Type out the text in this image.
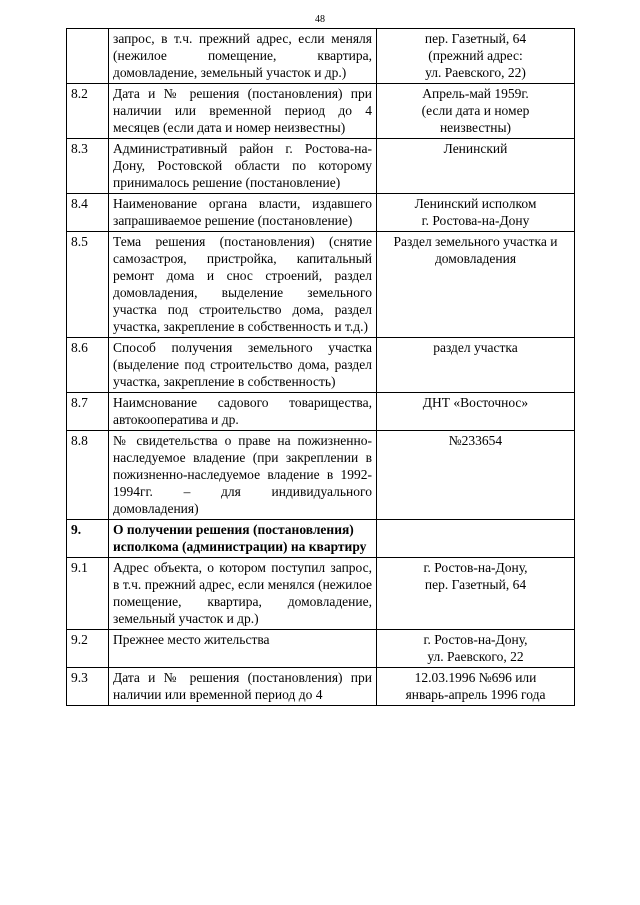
48
	запрос, в т.ч. прежний адрес, если меняля (нежилое помещение, квартира, домовладение, земельный участок и др.)	пер. Газетный, 64
(прежний адрес:
ул. Раевского, 22)

8.2	Дата и № решения (постановления) при наличии или временной период до 4 месяцев (если дата и номер неизвестны)	Апрель-май 1959г.
(если дата и номер
неизвестны)

8.3	Административный район г. Ростова-на-Дону, Ростовской области по которому принималось решение (постановление)	Ленинский

8.4	Наименование органа власти, издавшего запрашиваемое решение (постановление)	Ленинский исполком
г. Ростова-на-Дону

8.5	Тема решения (постановления) (снятие самозастроя, пристройка, капитальный ремонт дома и снос строений, раздел домовладения, выделение земельного участка под строительство дома, раздел участка, закрепление в собственность и т.д.)	Раздел земельного участка и
домовладения

8.6	Способ получения земельного участка (выделение под строительство дома, раздел участка, закрепление в собственность)	раздел участка

8.7	Наимснование садового товарищества, автокооператива и др.	ДНТ «Восточнос»

8.8	№ свидетельства о праве на пожизненно-наследуемое владение (при закреплении в пожизненно-наследуемое владение в 1992-1994гг. – для индивидуального домовладения)	№233654

9.	О получении решения (постановления) исполкома (администрации) на квартиру	
9.1	Адрес объекта, о котором поступил запрос, в т.ч. прежний адрес, если менялся (нежилое помещение, квартира, домовладение, земельный участок и др.)	г. Ростов-на-Дону,
пер. Газетный, 64

9.2	Прежнее место жительства	г. Ростов-на-Дону,
ул. Раевского, 22

9.3	Дата и № решения (постановления) при наличии или временной период до 4	12.03.1996 №696 или
январь-апрель 1996 года
